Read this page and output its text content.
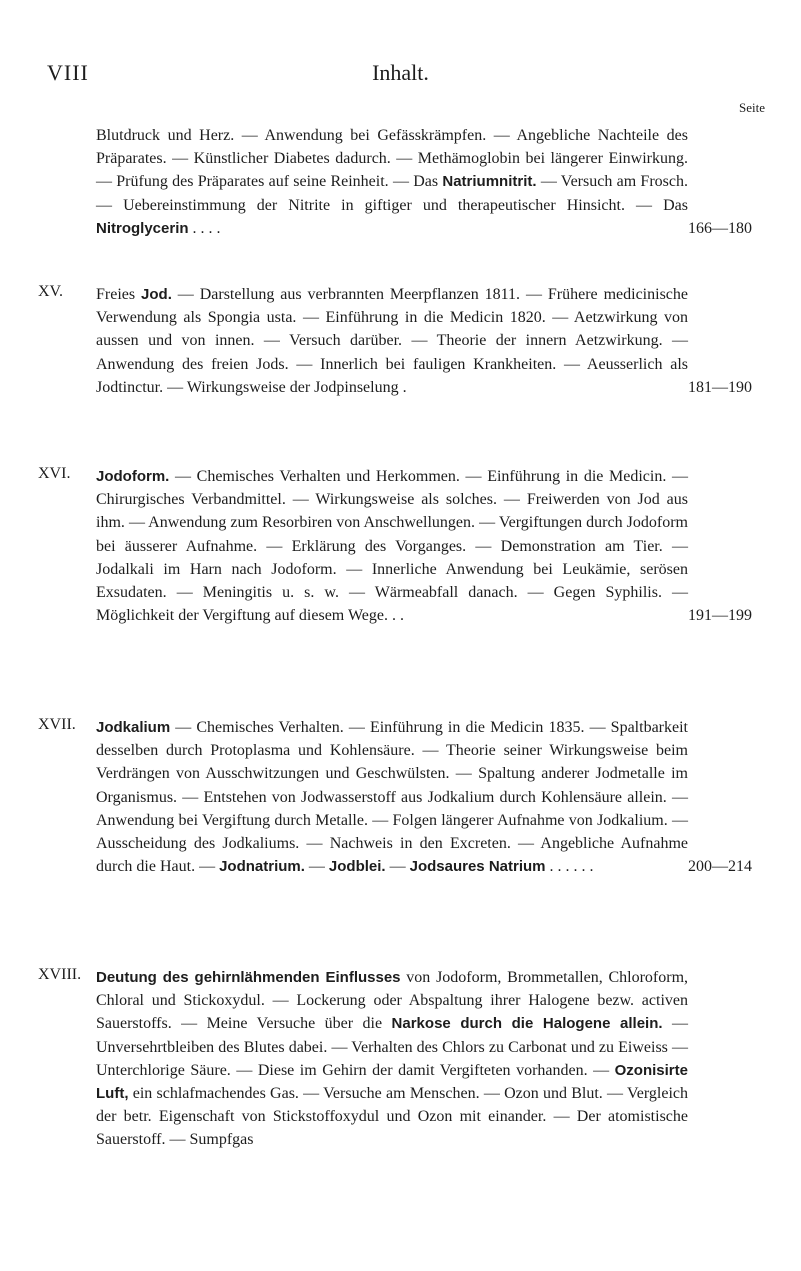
VIII	Inhalt.
Seite
Blutdruck und Herz. — Anwendung bei Gefässkrämpfen. — Angebliche Nachteile des Präparates. — Künstlicher Diabetes dadurch. — Methämoglobin bei längerer Einwirkung. — Prüfung des Präparates auf seine Reinheit. — Das Natriumnitrit. — Versuch am Frosch. — Uebereinstimmung der Nitrite in giftiger und therapeutischer Hinsicht. — Das Nitroglycerin . . . .	166—180
XV. Freies Jod. — Darstellung aus verbrannten Meerpflanzen 1811. — Frühere medicinische Verwendung als Spongia usta. — Einführung in die Medicin 1820. — Aetzwirkung von aussen und von innen. — Versuch darüber. — Theorie der innern Aetzwirkung. — Anwendung des freien Jods. — Innerlich bei fauligen Krankheiten. — Aeusserlich als Jodtinctur. — Wirkungsweise der Jodpinselung .	181—190
XVI. Jodoform. — Chemisches Verhalten und Herkommen. — Einführung in die Medicin. — Chirurgisches Verbandmittel. — Wirkungsweise als solches. — Freiwerden von Jod aus ihm. — Anwendung zum Resorbiren von Anschwellungen. — Vergiftungen durch Jodoform bei äusserer Aufnahme. — Erklärung des Vorganges. — Demonstration am Tier. — Jodalkali im Harn nach Jodoform. — Innerliche Anwendung bei Leukämie, serösen Exsudaten. — Meningitis u. s. w. — Wärmeabfall danach. — Gegen Syphilis. — Möglichkeit der Vergiftung auf diesem Wege. . .	191—199
XVII. Jodkalium — Chemisches Verhalten. — Einführung in die Medicin 1835. — Spaltbarkeit desselben durch Protoplasma und Kohlensäure. — Theorie seiner Wirkungsweise beim Verdrängen von Ausschwitzungen und Geschwülsten. — Spaltung anderer Jodmetalle im Organismus. — Entstehen von Jodwasserstoff aus Jodkalium durch Kohlensäure allein. — Anwendung bei Vergiftung durch Metalle. — Folgen längerer Aufnahme von Jodkalium. — Ausscheidung des Jodkaliums. — Nachweis in den Excreten. — Angebliche Aufnahme durch die Haut. — Jodnatrium. — Jodblei. — Jodsaures Natrium . . . . . .	200—214
XVIII. Deutung des gehirnlähmenden Einflusses von Jodoform, Brommetallen, Chloroform, Chloral und Stickoxydul. — Lockerung oder Abspaltung ihrer Halogene bezw. activen Sauerstoffs. — Meine Versuche über die Narkose durch die Halogene allein. — Unversehrtbleiben des Blutes dabei. — Verhalten des Chlors zu Carbonat und zu Eiweiss — Unterchlorige Säure. — Diese im Gehirn der damit Vergifteten vorhanden. — Ozonisirte Luft, ein schlafmachendes Gas. — Versuche am Menschen. — Ozon und Blut. — Vergleich der betr. Eigenschaft von Stickstoffoxydul und Ozon mit einander. — Der atomistische Sauerstoff. — Sumpfgas
